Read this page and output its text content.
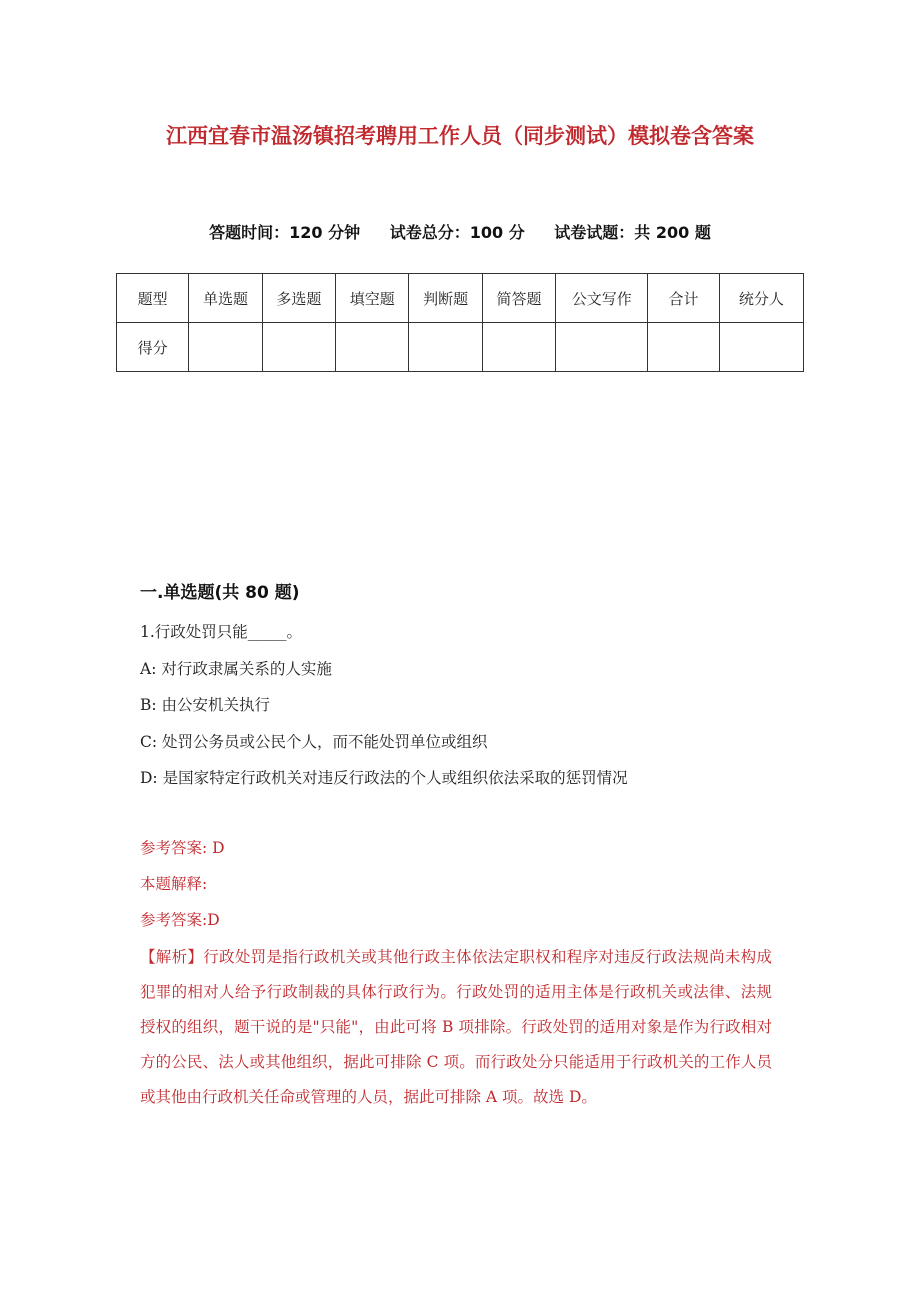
江西宜春市温汤镇招考聘用工作人员（同步测试）模拟卷含答案
答题时间：120 分钟 试卷总分：100 分 试卷试题：共 200 题
题型	单选题	多选题	填空题	判断题	简答题	公文写作	合计	统分人
得分								
一.单选题(共 80 题)
1.行政处罚只能_____。
A: 对行政隶属关系的人实施
B: 由公安机关执行
C: 处罚公务员或公民个人，而不能处罚单位或组织
D: 是国家特定行政机关对违反行政法的个人或组织依法采取的惩罚情况
参考答案: D
本题解释:
参考答案:D
【解析】行政处罚是指行政机关或其他行政主体依法定职权和程序对违反行政法规尚未构成犯罪的相对人给予行政制裁的具体行政行为。行政处罚的适用主体是行政机关或法律、法规授权的组织，题干说的是"只能"，由此可将 B 项排除。行政处罚的适用对象是作为行政相对方的公民、法人或其他组织，据此可排除 C 项。而行政处分只能适用于行政机关的工作人员或其他由行政机关任命或管理的人员，据此可排除 A 项。故选 D。
